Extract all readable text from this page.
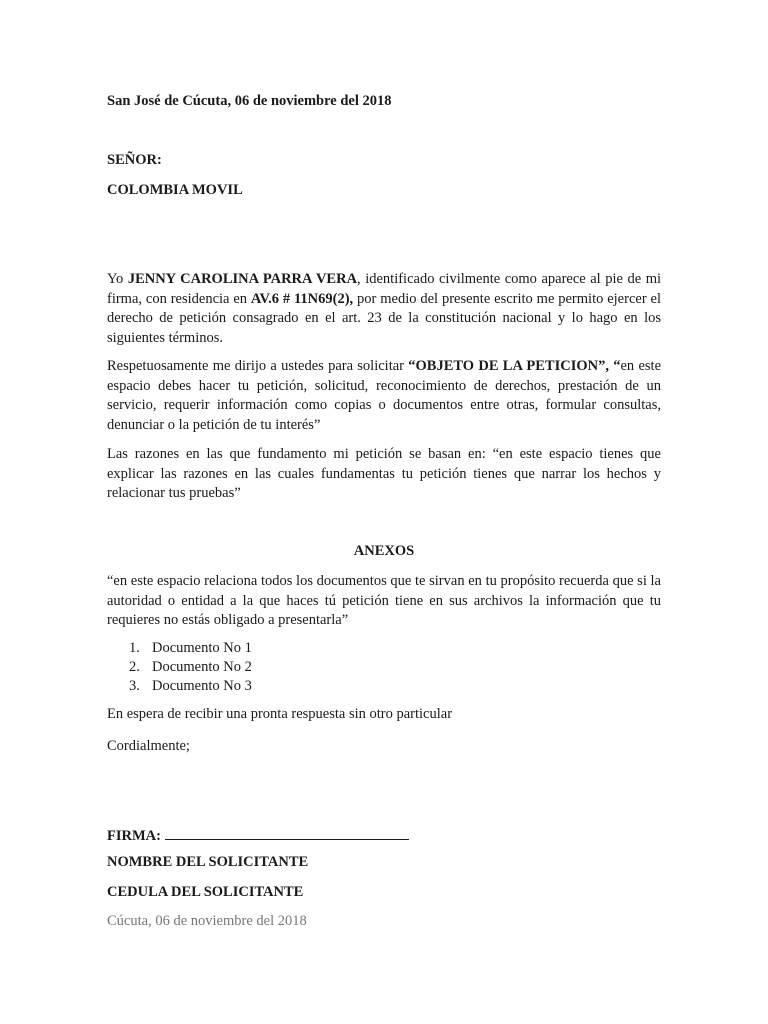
San José de Cúcuta, 06 de noviembre del 2018

SEÑOR:

COLOMBIA MOVIL

Yo JENNY CAROLINA PARRA VERA, identificado civilmente como aparece al pie de mi firma, con residencia en AV.6 # 11N69(2), por medio del presente escrito me permito ejercer el derecho de petición consagrado en el art. 23 de la constitución nacional y lo hago en los siguientes términos.

Respetuosamente me dirijo a ustedes para solicitar “OBJETO DE LA PETICION”, “en este espacio debes hacer tu petición, solicitud, reconocimiento de derechos, prestación de un servicio, requerir información como copias o documentos entre otras, formular consultas, denunciar o la petición de tu interés”

Las razones en las que fundamento mi petición se basan en: “en este espacio tienes que explicar las razones en las cuales fundamentas tu petición tienes que narrar los hechos y relacionar tus pruebas”

ANEXOS

“en este espacio relaciona todos los documentos que te sirvan en tu propósito recuerda que si la autoridad o entidad a la que haces tú petición tiene en sus archivos la información que tu requieres no estás obligado a presentarla”

1. Documento No 1
2. Documento No 2
3. Documento No 3

En espera de recibir una pronta respuesta sin otro particular

Cordialmente;

FIRMA:

NOMBRE DEL SOLICITANTE

CEDULA DEL SOLICITANTE

Cúcuta, 06 de noviembre del 2018
